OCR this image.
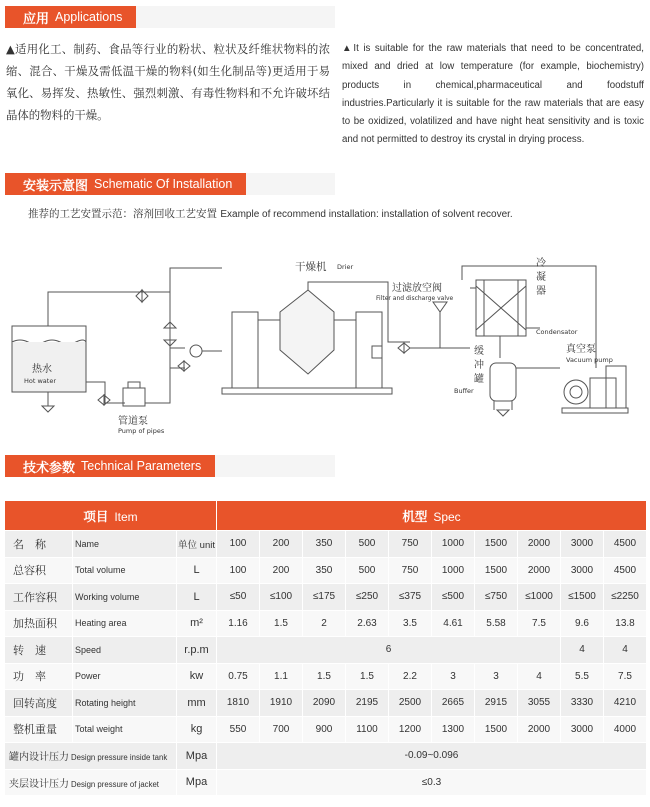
应用 Applications
▲适用化工、制药、食品等行业的粉状、粒状及纤维状物料的浓缩、混合、干燥及需低温干燥的物料(如生化制品等)更适用于易氧化、易挥发、热敏性、强烈刺激、有毒性物料和不允许破坏结晶体的物料的干燥。
▲It is suitable for the raw materials that need to be concentrated, mixed and dried at low temperature (for example, biochemistry) products in chemical,pharmaceutical and foodstuff industries.Particularly it is suitable for the raw materials that are easy to be oxidized, volatilized and have night heat sensitivity and is toxic and not permitted to destroy its crystal in drying process.
安装示意图 Schematic Of Installation
推荐的工艺安置示范：溶剂回收工艺安置 Example of recommend installation: installation of solvent recover.
热水
Hot water
管道泵
Pump of pipes
干燥机 Drier
过滤放空阀
Filter and discharge valve
冷
凝
器
Condensator
缓
冲
罐
Buffer
真空泵
Vacuum pump
技术参数 Technical Parameters
项目 Item			机型 Spec									
名　称	Name	单位 unit	100	200	350	500	750	1000	1500	2000	3000	4500
总容积	Total volume	L	100	200	350	500	750	1000	1500	2000	3000	4500
工作容积	Working volume	L	≤50	≤100	≤175	≤250	≤375	≤500	≤750	≤1000	≤1500	≤2250
加热面积	Heating area	m²	1.16	1.5	2	2.63	3.5	4.61	5.58	7.5	9.6	13.8
转　速	Speed	r.p.m	6								4	4
功　率	Power	kw	0.75	1.1	1.5	1.5	2.2	3	3	4	5.5	7.5
回转高度	Rotating height	mm	1810	1910	2090	2195	2500	2665	2915	3055	3330	4210
整机重量	Total weight	kg	550	700	900	1100	1200	1300	1500	2000	3000	4000
罐内设计压力 Design pressure inside tank		Mpa	-0.09~0.096									
夹层设计压力 Design pressure of jacket		Mpa	≤0.3									
